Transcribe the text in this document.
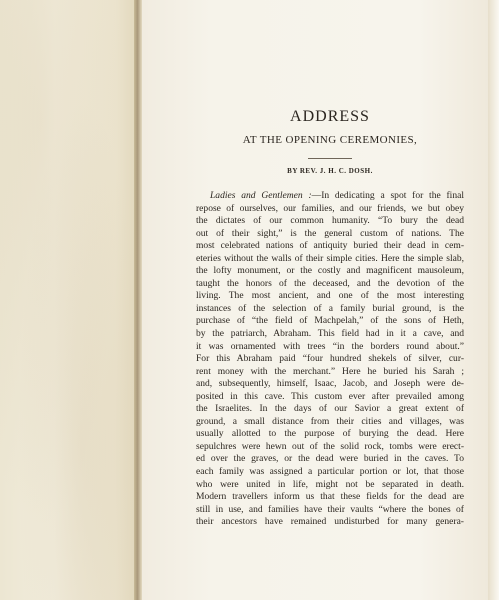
ADDRESS

AT THE OPENING CEREMONIES,

BY REV. J. H. C. DOSH.

Ladies and Gentlemen :—In dedicating a spot for the final
repose of ourselves, our families, and our friends, we but obey
the dictates of our common humanity. “To bury the dead
out of their sight,” is the general custom of nations. The
most celebrated nations of antiquity buried their dead in cem-
eteries without the walls of their simple cities. Here the simple slab,
the lofty monument, or the costly and magnificent mausoleum,
taught the honors of the deceased, and the devotion of the
living. The most ancient, and one of the most interesting
instances of the selection of a family burial ground, is the
purchase of “the field of Machpelah,” of the sons of Heth,
by the patriarch, Abraham. This field had in it a cave, and
it was ornamented with trees “in the borders round about.”
For this Abraham paid “four hundred shekels of silver, cur-
rent money with the merchant.” Here he buried his Sarah ;
and, subsequently, himself, Isaac, Jacob, and Joseph were de-
posited in this cave. This custom ever after prevailed among
the Israelites. In the days of our Savior a great extent of
ground, a small distance from their cities and villages, was
usually allotted to the purpose of burying the dead. Here
sepulchres were hewn out of the solid rock, tombs were erect-
ed over the graves, or the dead were buried in the caves. To
each family was assigned a particular portion or lot, that those
who were united in life, might not be separated in death.
Modern travellers inform us that these fields for the dead are
still in use, and families have their vaults “where the bones of
their ancestors have remained undisturbed for many genera-
